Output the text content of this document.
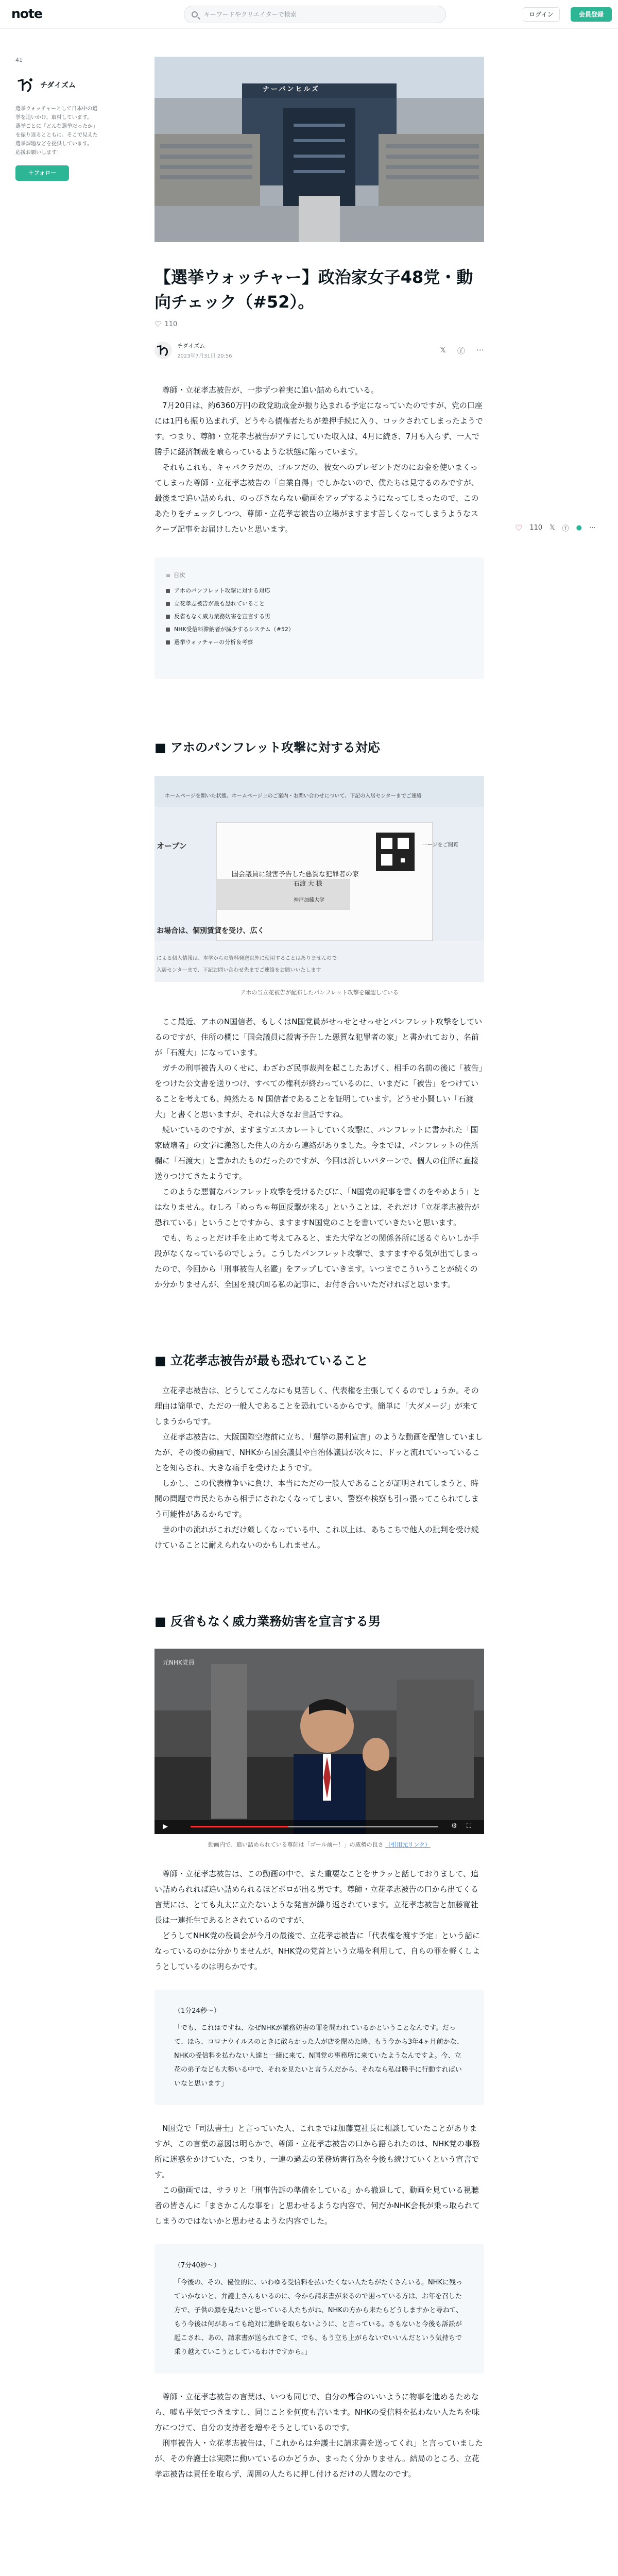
note	キーワードやクリエイターで検索	ログイン	会員登録
41
チダイズム
選挙ウォッチャーとして日本中の選挙を追いかけ、取材しています。
選挙ごとに「どんな選挙だったか」を振り返るとともに、そこで見えた選挙課題などを提供しています。
応援お願いします！
＋フォロー
ナーバンヒルズ
【選挙ウォッチャー】政治家女子48党・動向チェック（#52）。
♡ 110
チダイズム
2023年7月31日 20:56
𝕏 ⓕ ⋯

尊師・立花孝志被告が、一歩ずつ着実に追い詰められている。

7月20日は、約6360万円の政党助成金が振り込まれる予定になっていたのですが、党の口座には1円も振り込まれず、どうやら債権者たちが差押手続に入り、ロックされてしまったようです。つまり、尊師・立花孝志被告がアテにしていた収入は、4月に続き、7月も入らず、一人で勝手に経済制裁を喰らっているような状態に陥っています。

それもこれも、キャバクラだの、ゴルフだの、彼女へのプレゼントだのにお金を使いまくってしまった尊師・立花孝志被告の「自業自得」でしかないので、僕たちは見守るのみですが、最後まで追い詰められ、のっぴきならない動画をアップするようになってしまったので、このあたりをチェックしつつ、尊師・立花孝志被告の立場がますます苦しくなってしまうようなスクープ記事をお届けしたいと思います。

≡ 目次
アホのパンフレット攻撃に対する対応
立花孝志被告が最も恐れていること
反省もなく威力業務妨害を宣言する男
NHK受信料滞納者が減少するシステム（#52）
選挙ウォッチャーの分析＆考察
■ アホのパンフレット攻撃に対する対応
ホームページを開いた状態、ホームページ上のご案内・お問い合わせについて、下記の入居センターまでご連絡
オープン	一ージをご閲覧
国会議員に殺害予告した悪質な犯罪者の家
石渡 大 様
神戸加藤大学
お場合は、個別賃貸を受け、広く
による個人情報は、本学からの資料発送以外に使用することはありませんので
入居センターまで、下記お問い合わせ先までご連絡をお願いいたします
アホの当立花被告が配布したパンフレット攻撃を確認している

ここ最近、アホのN国信者、もしくはN国党員がせっせとせっせとパンフレット攻撃をしているのですが、住所の欄に「国会議員に殺害予告した悪質な犯罪者の家」と書かれており、名前が「石渡大」になっています。

ガチの刑事被告人のくせに、わざわざ民事裁判を起こしたあげく、相手の名前の後に「被告」をつけた公文書を送りつけ、すべての権利が終わっているのに、いまだに「被告」をつけていることを考えても、純然たる N 国信者であることを証明しています。どうせ小賢しい「石渡大」と書くと思いますが、それは大きなお世話ですね。

続いているのですが、ますますエスカレートしていく攻撃に、パンフレットに書かれた「国家破壊者」の文字に激怒した住人の方から連絡がありました。今までは、パンフレットの住所欄に「石渡大」と書かれたものだったのですが、今回は新しいパターンで、個人の住所に直接送りつけてきたようです。

このような悪質なパンフレット攻撃を受けるたびに、「N国党の記事を書くのをやめよう」とはなりません。むしろ「めっちゃ毎回反撃が来る」ということは、それだけ「立花孝志被告が恐れている」ということですから、ますますN国党のことを書いていきたいと思います。

でも、ちょっとだけ手を止めて考えてみると、また大学などの関係各所に送るぐらいしか手段がなくなっているのでしょう。こうしたパンフレット攻撃で、ますますやる気が出てしまったので、今回から「刑事被告人名鑑」をアップしていきます。いつまでこういうことが続くのか分かりませんが、全国を飛び回る私の記事に、お付き合いいただければと思います。

■ 立花孝志被告が最も恐れていること

立花孝志被告は、どうしてこんなにも見苦しく、代表権を主張してくるのでしょうか。その理由は簡単で、ただの一般人であることを恐れているからです。簡単に「大ダメージ」が来てしまうからです。

立花孝志被告は、大阪国際空港前に立ち、「選挙の勝利宣言」のような動画を配信していましたが、その後の動画で、NHKから国会議員や自治体議員が次々に、ドッと流れていっていることを知らされ、大きな痛手を受けたようです。

しかし、この代表権争いに負け、本当にただの一般人であることが証明されてしまうと、時間の問題で市民たちから相手にされなくなってしまい、警察や検察も引っ張ってこられてしまう可能性があるからです。

世の中の流れがこれだけ厳しくなっている中、これ以上は、あちこちで他人の批判を受け続けていることに耐えられないのかもしれません。

■ 反省もなく威力業務妨害を宣言する男
元NHK党員
▶	⚙ ⛶
動画内で、追い詰められている尊師は「ゴール前ー！」の威勢の良さ （引用元リンク）

尊師・立花孝志被告は、この動画の中で、また重要なことをサラッと話しておりまして、追い詰められれば追い詰められるほどボロが出る男です。尊師・立花孝志被告の口から出てくる言葉には、とても丸太に立たないような発言が繰り返されています。立花孝志被告と加藤寛社長は一連托生であるとされているのですが、

どうしてNHK党の役員会が今月の最後で、立花孝志被告に「代表権を渡す予定」という話になっているのかは分かりませんが、NHK党の党首という立場を利用して、自らの罪を軽くしようとしているのは明らかです。

（1分24秒～）
「でも、これはですね、なぜNHKが業務妨害の罪を問われているかということなんです。だって、ほら、コロナウイルスのときに散らかった人が店を閉めた時、もう今から3年4ヶ月前かな、NHKの受信料を払わない人達と一緒に来て、N国党の事務所に来ていたようなんですよ。今、立花の弟子なども大勢いる中で、それを見たいと言うんだから、それなら私は勝手に行動すればいいなと思います」

N国党で「司法書士」と言っていた人、これまでは加藤寛社長に相談していたことがありますが、この言葉の意図は明らかで、尊師・立花孝志被告の口から語られたのは、NHK党の事務所に迷惑をかけていた、つまり、一連の過去の業務妨害行為を今後も続けていくという宣言です。

この動画では、サラリと「刑事告訴の準備をしている」から撤退して、動画を見ている視聴者の皆さんに「まさかこんな事を」と思わせるような内容で、何だかNHK会長が乗っ取られてしまうのではないかと思わせるような内容でした。

（7分40秒～）
「今後の、その、優位的に、いわゆる受信料を払いたくない人たちがたくさんいる。NHKに残っていかないと、弁護士さんもいるのに、今から請求書が来るので困っている方は、お年を召した方で、子供の顔を見たいと思っている人たちがね、NHKの方から来たらどうしますかと尋ねて、もう今後は何があっても絶対に連絡を取らないように、と言っている。さもないと今後も訴訟が起こされ、あの、請求書が送られてきて、でも、もう立ち上がらないでいいんだという気持ちで乗り越えていこうとしているわけですから。」

尊師・立花孝志被告の言葉は、いつも同じで、自分の都合のいいように物事を進めるためなら、嘘も平気でつきますし、同じことを何度も言います。NHKの受信料を払わない人たちを味方につけて、自分の支持者を増やそうとしているのです。

刑事被告人・立花孝志被告は、「これからは弁護士に請求書を送ってくれ」と言っていましたが、その弁護士は実際に動いているのかどうか、まったく分かりません。結局のところ、立花孝志被告は責任を取らず、周囲の人たちに押し付けるだけの人間なのです。

♡ 110 𝕏 ⓕ ● ⋯
